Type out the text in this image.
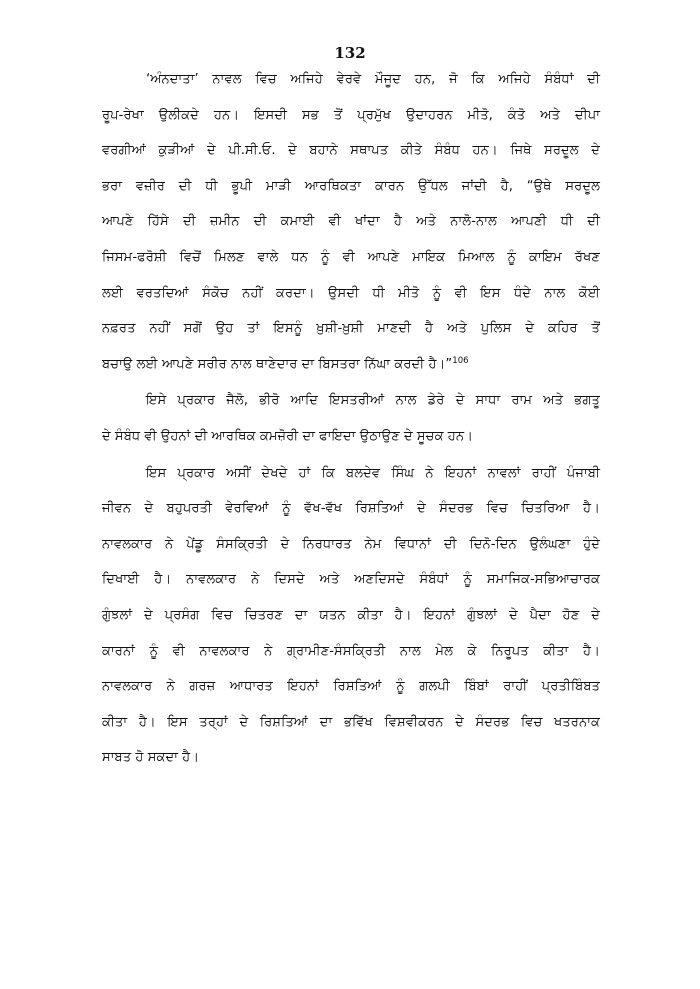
132
‘ਅੰਨਦਾਤਾ’ ਨਾਵਲ ਵਿਚ ਅਜਿਹੇ ਵੇਰਵੇ ਮੌਜੂਦ ਹਨ, ਜੋ ਕਿ ਅਜਿਹੇ ਸੰਬੰਧਾਂ ਦੀ
ਰੂਪ-ਰੇਖਾ ਉਲੀਕਦੇ ਹਨ। ਇਸਦੀ ਸਭ ਤੋਂ ਪ੍ਰਮੁੱਖ ਉਦਾਹਰਨ ਮੀਤੋ, ਕੰਤੋ ਅਤੇ ਦੀਪਾ
ਵਰਗੀਆਂ ਕੁੜੀਆਂ ਦੇ ਪੀ.ਸੀ.ਓ. ਦੇ ਬਹਾਨੇ ਸਥਾਪਤ ਕੀਤੇ ਸੰਬੰਧ ਹਨ। ਜਿਥੇ ਸਰਦੂਲ ਦੇ
ਭਰਾ ਵਜ਼ੀਰ ਦੀ ਧੀ ਭੂਪੀ ਮਾੜੀ ਆਰਥਿਕਤਾ ਕਾਰਨ ਉੱਧਲ ਜਾਂਦੀ ਹੈ, “ਉਥੇ ਸਰਦੂਲ
ਆਪਣੇ ਹਿੱਸੇ ਦੀ ਜ਼ਮੀਨ ਦੀ ਕਮਾਈ ਵੀ ਖਾਂਦਾ ਹੈ ਅਤੇ ਨਾਲੋ-ਨਾਲ ਆਪਣੀ ਧੀ ਦੀ
ਜਿਸਮ-ਫਰੋਸ਼ੀ ਵਿਚੋਂ ਮਿਲਣ ਵਾਲੇ ਧਨ ਨੂੰ ਵੀ ਆਪਣੇ ਮਾਇਕ ਮਿਆਲ ਨੂੰ ਕਾਇਮ ਰੱਖਣ
ਲਈ ਵਰਤਦਿਆਂ ਸੰਕੋਚ ਨਹੀਂ ਕਰਦਾ। ਉਸਦੀ ਧੀ ਮੀਤੋ ਨੂੰ ਵੀ ਇਸ ਧੰਦੇ ਨਾਲ ਕੋਈ
ਨਫ਼ਰਤ ਨਹੀਂ ਸਗੋਂ ਉਹ ਤਾਂ ਇਸਨੂੰ ਖ਼ੁਸ਼ੀ-ਖ਼ੁਸ਼ੀ ਮਾਣਦੀ ਹੈ ਅਤੇ ਪੁਲਿਸ ਦੇ ਕਹਿਰ ਤੋਂ
ਬਚਾਉ ਲਈ ਆਪਣੇ ਸਰੀਰ ਨਾਲ ਥਾਣੇਦਾਰ ਦਾ ਬਿਸਤਰਾ ਨਿੱਘਾ ਕਰਦੀ ਹੈ।”$^{106}$
ਇਸੇ ਪ੍ਰਕਾਰ ਜੈਲੋ, ਭੀਰੋ ਆਦਿ ਇਸਤਰੀਆਂ ਨਾਲ ਡੇਰੇ ਦੇ ਸਾਧਾ ਰਾਮ ਅਤੇ ਭਗਤੂ
ਦੇ ਸੰਬੰਧ ਵੀ ਉਹਨਾਂ ਦੀ ਆਰਥਿਕ ਕਮਜ਼ੋਰੀ ਦਾ ਫਾਇਦਾ ਉਠਾਉਣ ਦੇ ਸੂਚਕ ਹਨ।
ਇਸ ਪ੍ਰਕਾਰ ਅਸੀਂ ਦੇਖਦੇ ਹਾਂ ਕਿ ਬਲਦੇਵ ਸਿੰਘ ਨੇ ਇਹਨਾਂ ਨਾਵਲਾਂ ਰਾਹੀਂ ਪੰਜਾਬੀ
ਜੀਵਨ ਦੇ ਬਹੁਪਰਤੀ ਵੇਰਵਿਆਂ ਨੂੰ ਵੱਖ-ਵੱਖ ਰਿਸ਼ਤਿਆਂ ਦੇ ਸੰਦਰਭ ਵਿਚ ਚਿਤਰਿਆ ਹੈ।
ਨਾਵਲਕਾਰ ਨੇ ਪੇਂਡੂ ਸੰਸਕ੍ਰਿਤੀ ਦੇ ਨਿਰਧਾਰਤ ਨੇਮ ਵਿਧਾਨਾਂ ਦੀ ਦਿਨੋ-ਦਿਨ ਉਲੰਘਣਾ ਹੁੰਦੇ
ਦਿਖਾਈ ਹੈ। ਨਾਵਲਕਾਰ ਨੇ ਦਿਸਦੇ ਅਤੇ ਅਣਦਿਸਦੇ ਸੰਬੰਧਾਂ ਨੂੰ ਸਮਾਜਿਕ-ਸਭਿਆਚਾਰਕ
ਗੁੰਝਲਾਂ ਦੇ ਪ੍ਰਸੰਗ ਵਿਚ ਚਿਤਰਣ ਦਾ ਯਤਨ ਕੀਤਾ ਹੈ। ਇਹਨਾਂ ਗੁੰਝਲਾਂ ਦੇ ਪੈਦਾ ਹੋਣ ਦੇ
ਕਾਰਨਾਂ ਨੂੰ ਵੀ ਨਾਵਲਕਾਰ ਨੇ ਗ੍ਰਾਮੀਣ-ਸੰਸਕ੍ਰਿਤੀ ਨਾਲ ਮੇਲ ਕੇ ਨਿਰੂਪਤ ਕੀਤਾ ਹੈ।
ਨਾਵਲਕਾਰ ਨੇ ਗਰਜ਼ ਆਧਾਰਤ ਇਹਨਾਂ ਰਿਸ਼ਤਿਆਂ ਨੂੰ ਗਲਪੀ ਬਿੰਬਾਂ ਰਾਹੀਂ ਪ੍ਰਤੀਬਿੰਬਤ
ਕੀਤਾ ਹੈ। ਇਸ ਤਰ੍ਹਾਂ ਦੇ ਰਿਸ਼ਤਿਆਂ ਦਾ ਭਵਿੱਖ ਵਿਸ਼ਵੀਕਰਨ ਦੇ ਸੰਦਰਭ ਵਿਚ ਖਤਰਨਾਕ
ਸਾਬਤ ਹੋ ਸਕਦਾ ਹੈ।
